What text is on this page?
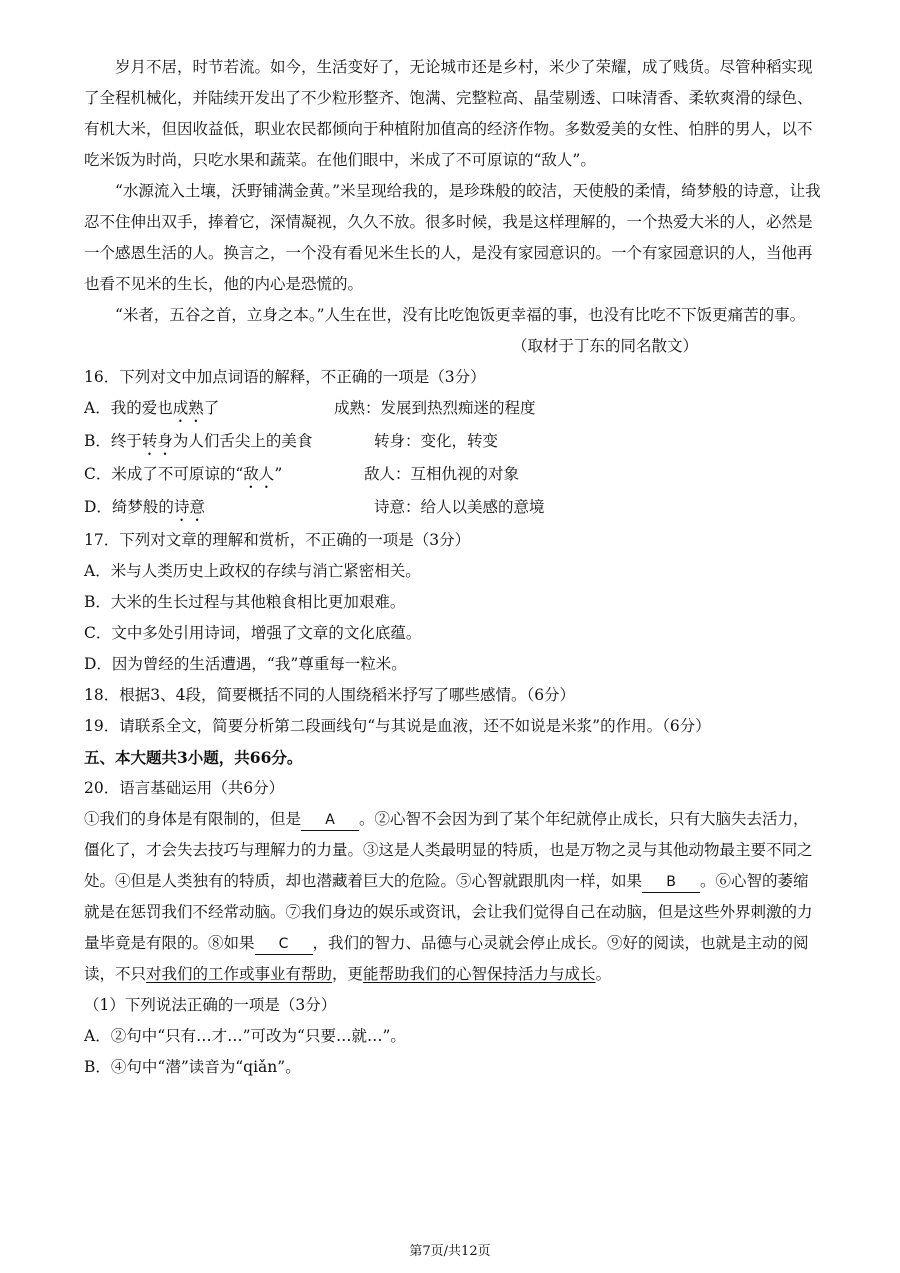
岁月不居，时节若流。如今，生活变好了，无论城市还是乡村，米少了荣耀，成了贱货。尽管种稻实现了全程机械化，并陆续开发出了不少粒形整齐、饱满、完整粒高、晶莹剔透、口味清香、柔软爽滑的绿色、有机大米，但因收益低，职业农民都倾向于种植附加值高的经济作物。多数爱美的女性、怕胖的男人，以不吃米饭为时尚，只吃水果和蔬菜。在他们眼中，米成了不可原谅的“敌人”。

“水源流入土壤，沃野铺满金黄。”米呈现给我的，是珍珠般的皎洁，天使般的柔情，绮梦般的诗意，让我忍不住伸出双手，捧着它，深情凝视，久久不放。很多时候，我是这样理解的，一个热爱大米的人，必然是一个感恩生活的人。换言之，一个没有看见米生长的人，是没有家园意识的。一个有家园意识的人，当他再也看不见米的生长，他的内心是恐慌的。

“米者，五谷之首，立身之本。”人生在世，没有比吃饱饭更幸福的事，也没有比吃不下饭更痛苦的事。

（取材于丁东的同名散文）

16．下列对文中加点词语的解释，不正确的一项是（3分）

A．我的爱也成熟了	成熟：发展到热烈痴迷的程度

B．终于转身为人们舌尖上的美食	转身：变化，转变

C．米成了不可原谅的“敌人”	敌人：互相仇视的对象

D．绮梦般的诗意	诗意：给人以美感的意境

17．下列对文章的理解和赏析，不正确的一项是（3分）

A．米与人类历史上政权的存续与消亡紧密相关。

B．大米的生长过程与其他粮食相比更加艰难。

C．文中多处引用诗词，增强了文章的文化底蕴。

D．因为曾经的生活遭遇，“我”尊重每一粒米。

18．根据3、4段，简要概括不同的人围绕稻米抒写了哪些感情。（6分）

19．请联系全文，简要分析第二段画线句“与其说是血液，还不如说是米浆”的作用。（6分）

五、本大题共3小题，共66分。

20．语言基础运用（共6分）

①我们的身体是有限制的，但是 A 。②心智不会因为到了某个年纪就停止成长，只有大脑失去活力，僵化了，才会失去技巧与理解力的力量。③这是人类最明显的特质，也是万物之灵与其他动物最主要不同之处。④但是人类独有的特质，却也潜藏着巨大的危险。⑤心智就跟肌肉一样，如果 B 。⑥心智的萎缩就是在惩罚我们不经常动脑。⑦我们身边的娱乐或资讯，会让我们觉得自己在动脑，但是这些外界刺激的力量毕竟是有限的。⑧如果 C ，我们的智力、品德与心灵就会停止成长。⑨好的阅读，也就是主动的阅读，不只对我们的工作或事业有帮助，更能帮助我们的心智保持活力与成长。

（1）下列说法正确的一项是（3分）

A．②句中“只有…才…”可改为“只要…就…”。

B．④句中“潜”读音为“qiǎn”。

第7页/共12页
